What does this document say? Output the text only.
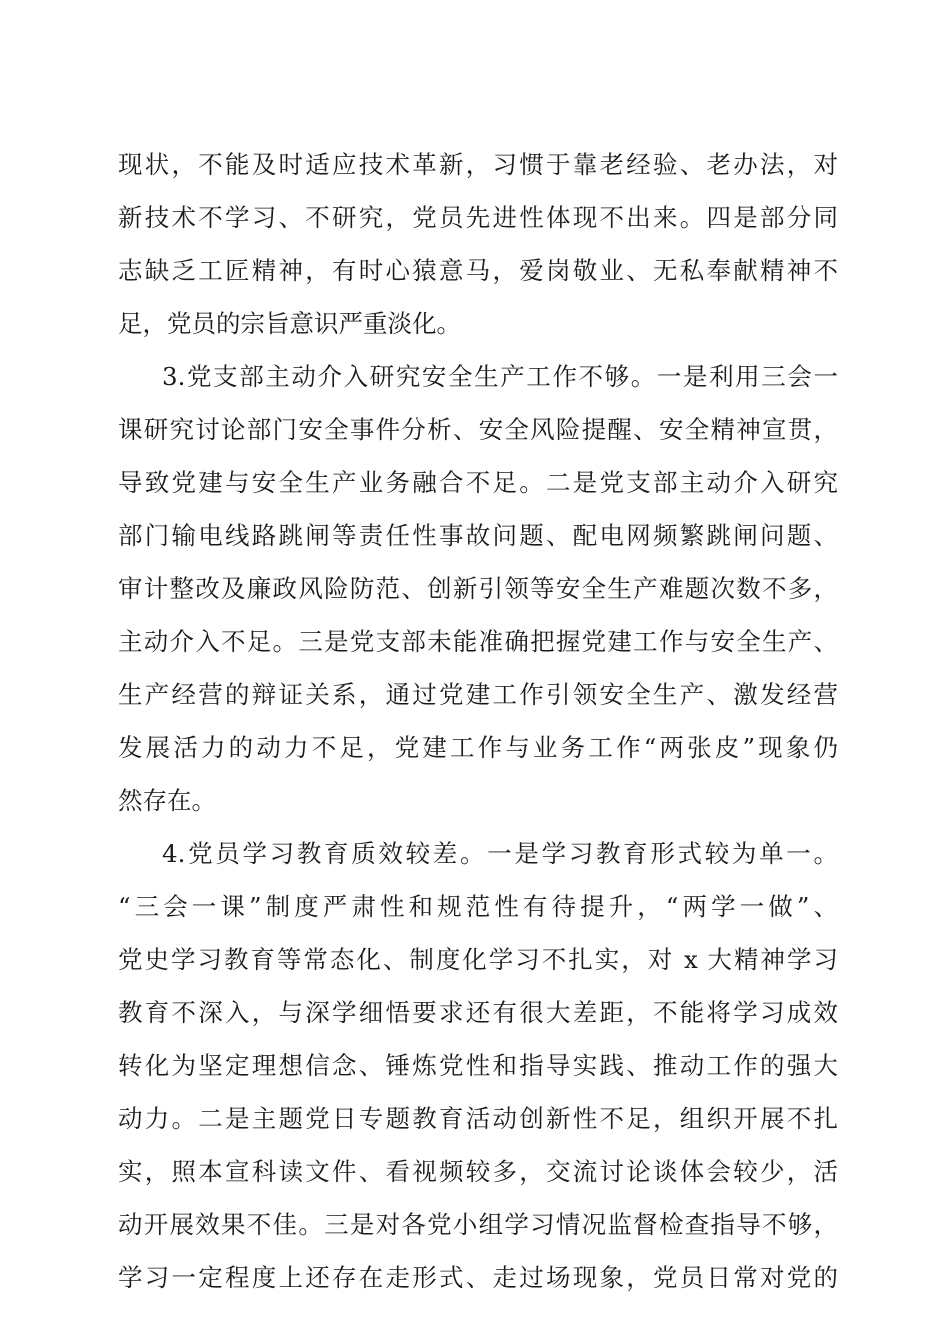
现状，不能及时适应技术革新，习惯于靠老经验、老办法，对
新技术不学习、不研究，党员先进性体现不出来。四是部分同
志缺乏工匠精神，有时心猿意马，爱岗敬业、无私奉献精神不
足，党员的宗旨意识严重淡化。
3.党支部主动介入研究安全生产工作不够。一是利用三会一
课研究讨论部门安全事件分析、安全风险提醒、安全精神宣贯，
导致党建与安全生产业务融合不足。二是党支部主动介入研究
部门输电线路跳闸等责任性事故问题、配电网频繁跳闸问题、
审计整改及廉政风险防范、创新引领等安全生产难题次数不多，
主动介入不足。三是党支部未能准确把握党建工作与安全生产、
生产经营的辩证关系，通过党建工作引领安全生产、激发经营
发展活力的动力不足，党建工作与业务工作“两张皮”现象仍
然存在。
4.党员学习教育质效较差。一是学习教育形式较为单一。
“三会一课”制度严肃性和规范性有待提升，“两学一做”、
党史学习教育等常态化、制度化学习不扎实，对 x 大精神学习
教育不深入，与深学细悟要求还有很大差距，不能将学习成效
转化为坚定理想信念、锤炼党性和指导实践、推动工作的强大
动力。二是主题党日专题教育活动创新性不足，组织开展不扎
实，照本宣科读文件、看视频较多，交流讨论谈体会较少，活
动开展效果不佳。三是对各党小组学习情况监督检查指导不够，
学习一定程度上还存在走形式、走过场现象，党员日常对党的
